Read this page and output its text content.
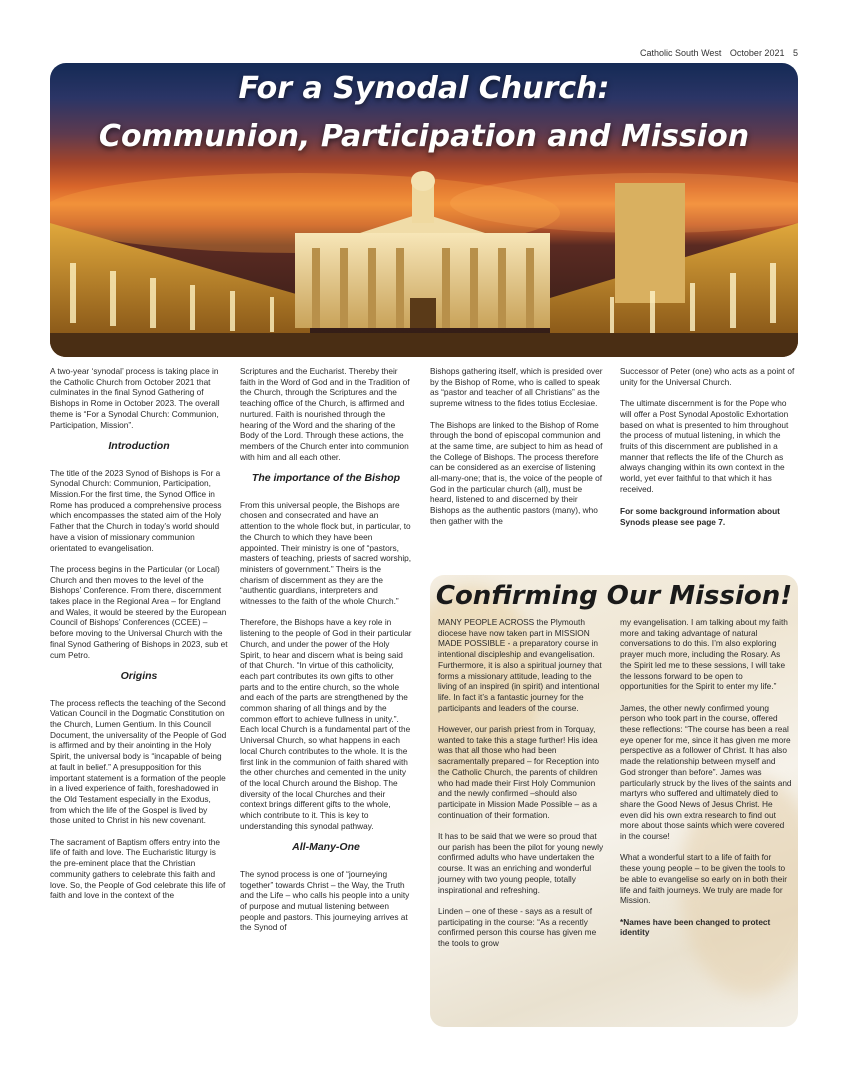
Catholic South West October 2021 5
For a Synodal Church:
Communion, Participation and Mission

A two-year ‘synodal’ process is taking place in the Catholic Church from October 2021 that culminates in the final Synod Gathering of Bishops in Rome in October 2023. The overall theme is “For a Synodal Church: Communion, Participation, Mission”.

Introduction

The title of the 2023 Synod of Bishops is For a Synodal Church: Communion, Participation, Mission.For the first time, the Synod Office in Rome has produced a comprehensive process which encompasses the stated aim of the Holy Father that the Church in today’s world should have a vision of missionary communion orientated to evangelisation.

The process begins in the Particular (or Local) Church and then moves to the level of the Bishops’ Conference. From there, discernment takes place in the Regional Area – for England and Wales, it would be steered by the European Council of Bishops’ Conferences (CCEE) – before moving to the Universal Church with the final Synod Gathering of Bishops in 2023, sub et cum Petro.

Origins

The process reflects the teaching of the Second Vatican Council in the Dogmatic Constitution on the Church, Lumen Gentium. In this Council Document, the universality of the People of God is affirmed and by their anointing in the Holy Spirit, the universal body is “incapable of being at fault in belief.” A presupposition for this important statement is a formation of the people in a lived experience of faith, foreshadowed in the Old Testament especially in the Exodus, from which the life of the Gospel is lived by those united to Christ in his new covenant.

The sacrament of Baptism offers entry into the life of faith and love. The Eucharistic liturgy is the pre-eminent place that the Christian community gathers to celebrate this faith and love. So, the People of God celebrate this life of faith and love in the context of the

Scriptures and the Eucharist. Thereby their faith in the Word of God and in the Tradition of the Church, through the Scriptures and the teaching office of the Church, is affirmed and nurtured. Faith is nourished through the hearing of the Word and the sharing of the Body of the Lord. Through these actions, the members of the Church enter into communion with him and all each other.

The importance of the Bishop

From this universal people, the Bishops are chosen and consecrated and have an attention to the whole flock but, in particular, to the Church to which they have been appointed. Their ministry is one of “pastors, masters of teaching, priests of sacred worship, ministers of government.” Theirs is the charism of discernment as they are the “authentic guardians, interpreters and witnesses to the faith of the whole Church.”

Therefore, the Bishops have a key role in listening to the people of God in their particular Church, and under the power of the Holy Spirit, to hear and discern what is being said of that Church. “In virtue of this catholicity, each part contributes its own gifts to other parts and to the entire church, so the whole and each of the parts are strengthened by the common sharing of all things and by the common effort to achieve fullness in unity.”. Each local Church is a fundamental part of the Universal Church, so what happens in each local Church contributes to the whole. It is the first link in the communion of faith shared with the other churches and cemented in the unity of the local Church around the Bishop. The diversity of the local Churches and their context brings different gifts to the whole, which contribute to it. This is key to understanding this synodal pathway.

All-Many-One

The synod process is one of “journeying together” towards Christ – the Way, the Truth and the Life – who calls his people into a unity of purpose and mutual listening between people and pastors. This journeying arrives at the Synod of

Bishops gathering itself, which is presided over by the Bishop of Rome, who is called to speak as “pastor and teacher of all Christians” as the supreme witness to the fides totius Ecclesiae.

The Bishops are linked to the Bishop of Rome through the bond of episcopal communion and at the same time, are subject to him as head of the College of Bishops. The process therefore can be considered as an exercise of listening all-many-one; that is, the voice of the people of God in the particular church (all), must be heard, listened to and discerned by their Bishops as the authentic pastors (many), who then gather with the

Successor of Peter (one) who acts as a point of unity for the Universal Church.

The ultimate discernment is for the Pope who will offer a Post Synodal Apostolic Exhortation based on what is presented to him throughout the process of mutual listening, in which the fruits of this discernment are published in a manner that reflects the life of the Church as always changing within its own context in the world, yet ever faithful to that which it has received.

For some background information about Synods please see page 7.

Confirming Our Mission!

MANY PEOPLE ACROSS the Plymouth diocese have now taken part in MISSION MADE POSSIBLE - a preparatory course in intentional discipleship and evangelisation. Furthermore, it is also a spiritual journey that forms a missionary attitude, leading to the living of an inspired (in spirit) and intentional life. In fact it’s a fantastic journey for the participants and leaders of the course.

However, our parish priest from in Torquay, wanted to take this a stage further! His idea was that all those who had been sacramentally prepared – for Reception into the Catholic Church, the parents of children who had made their First Holy Communion and the newly confirmed –should also participate in Mission Made Possible – as a continuation of their formation.

It has to be said that we were so proud that our parish has been the pilot for young newly confirmed adults who have undertaken the course. It was an enriching and wonderful journey with two young people, totally inspirational and refreshing.

Linden – one of these - says as a result of participating in the course: “As a recently confirmed person this course has given me the tools to grow

my evangelisation. I am talking about my faith more and taking advantage of natural conversations to do this. I’m also exploring prayer much more, including the Rosary. As the Spirit led me to these sessions, I will take the lessons forward to be open to opportunities for the Spirit to enter my life.”

James, the other newly confirmed young person who took part in the course, offered these reflections: “The course has been a real eye opener for me, since it has given me more perspective as a follower of Christ. It has also made the relationship between myself and God stronger than before”. James was particularly struck by the lives of the saints and martyrs who suffered and ultimately died to share the Good News of Jesus Christ. He even did his own extra research to find out more about those saints which were covered in the course!

What a wonderful start to a life of faith for these young people – to be given the tools to be able to evangelise so early on in both their life and faith journeys. We truly are made for Mission.

*Names have been changed to protect identity
